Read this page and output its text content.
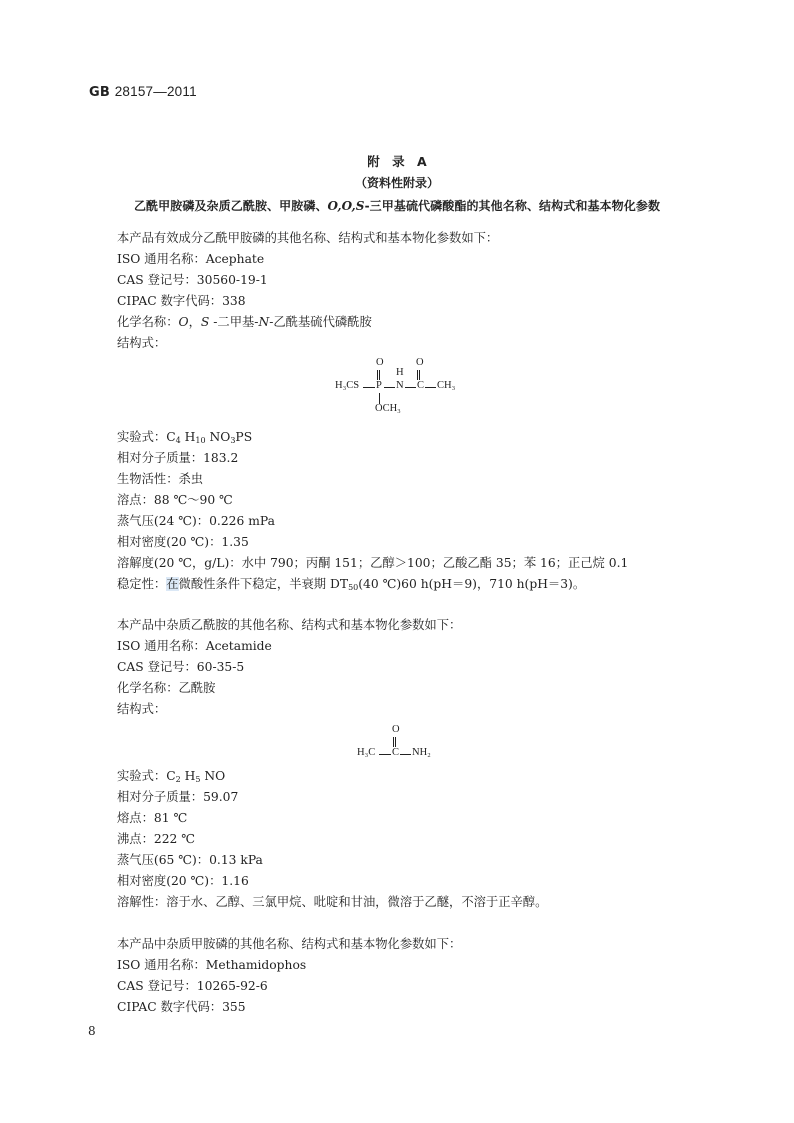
GB 28157—2011
附 录 A
（资料性附录）
乙酰甲胺磷及杂质乙酰胺、甲胺磷、O,O,S-三甲基硫代磷酸酯的其他名称、结构式和基本物化参数
本产品有效成分乙酰甲胺磷的其他名称、结构式和基本物化参数如下：
ISO 通用名称：Acephate
CAS 登记号：30560-19-1
CIPAC 数字代码：338
化学名称：O，S -二甲基-N-乙酰基硫代磷酰胺
结构式：
O	O
H
H₃CS P N C CH₃
OCH₃
实验式：$C_4$ $H_{10}$ $NO_3PS$
相对分子质量：183.2
生物活性：杀虫
溶点：88 ℃～90 ℃
蒸气压(24 ℃)：0.226 mPa
相对密度(20 ℃)：1.35
溶解度(20 ℃，g/L)：水中 790；丙酮 151；乙醇＞100；乙酸乙酯 35；苯 16；正己烷 0.1
稳定性：在微酸性条件下稳定，半衰期 $DT_{50}(40$ ℃)60 h(pH＝9)，710 h(pH＝3)。
本产品中杂质乙酰胺的其他名称、结构式和基本物化参数如下：
ISO 通用名称：Acetamide
CAS 登记号：60-35-5
化学名称：乙酰胺
结构式：
O
H₃C C NH₂
实验式：$C_2$ $H_5$ NO
相对分子质量：59.07
熔点：81 ℃
沸点：222 ℃
蒸气压(65 ℃)：0.13 kPa
相对密度(20 ℃)：1.16
溶解性：溶于水、乙醇、三氯甲烷、吡啶和甘油，微溶于乙醚，不溶于正辛醇。
本产品中杂质甲胺磷的其他名称、结构式和基本物化参数如下：
ISO 通用名称：Methamidophos
CAS 登记号：10265-92-6
CIPAC 数字代码：355
8
